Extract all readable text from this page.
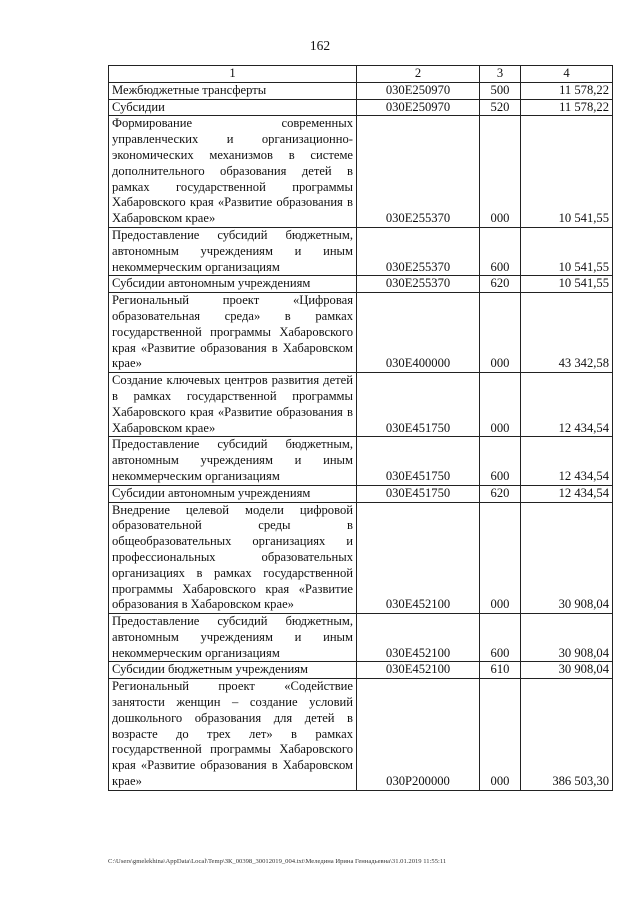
162
1	2	3	4
Межбюджетные трансферты	030E250970	500	11 578,22
Субсидии	030E250970	520	11 578,22
Формирование современных управленческих и организационно-экономических механизмов в системе дополнительного образования детей в рамках государственной программы Хабаровского края «Развитие образования в Хабаровском крае»	030E255370	000	10 541,55
Предоставление субсидий бюджетным, автономным учреждениям и иным некоммерческим организациям	030E255370	600	10 541,55
Субсидии автономным учреждениям	030E255370	620	10 541,55
Региональный проект «Цифровая образовательная среда» в рамках государственной программы Хабаровского края «Развитие образования в Хабаровском крае»	030E400000	000	43 342,58
Создание ключевых центров развития детей в рамках государственной программы Хабаровского края «Развитие образования в Хабаровском крае»	030E451750	000	12 434,54
Предоставление субсидий бюджетным, автономным учреждениям и иным некоммерческим организациям	030E451750	600	12 434,54
Субсидии автономным учреждениям	030E451750	620	12 434,54
Внедрение целевой модели цифровой образовательной среды в общеобразовательных организациях и профессиональных образовательных организациях в рамках государственной программы Хабаровского края «Развитие образования в Хабаровском крае»	030E452100	000	30 908,04
Предоставление субсидий бюджетным, автономным учреждениям и иным некоммерческим организациям	030E452100	600	30 908,04
Субсидии бюджетным учреждениям	030E452100	610	30 908,04
Региональный проект «Содействие занятости женщин – создание условий дошкольного образования для детей в возрасте до трех лет» в рамках государственной программы Хабаровского края «Развитие образования в Хабаровском крае»	030P200000	000	386 503,30
C:\Users\gmelekhina\AppData\Local\Temp\ЗК_00398_30012019_004.txt\Меледина Ирина Геннадьевна\31.01.2019 11:55:11
